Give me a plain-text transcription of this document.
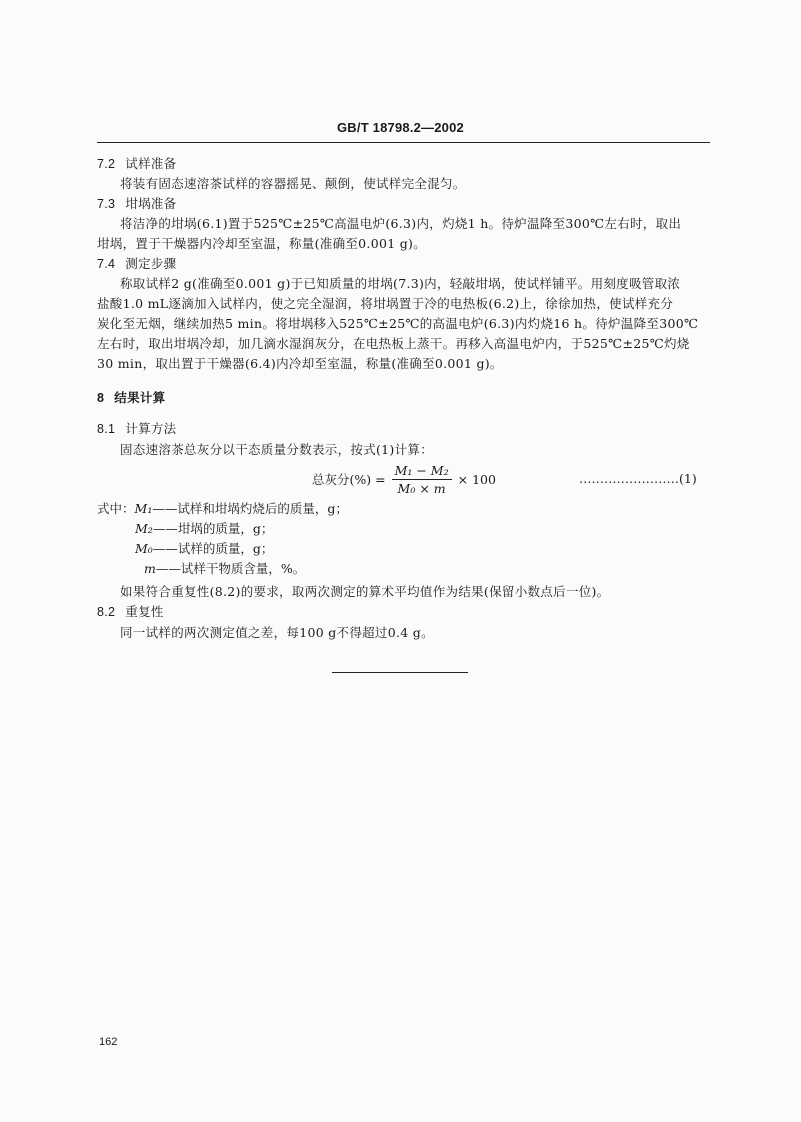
GB/T 18798.2—2002
7.2 试样准备
将装有固态速溶茶试样的容器摇晃、颠倒，使试样完全混匀。
7.3 坩埚准备
将洁净的坩埚(6.1)置于525℃±25℃高温电炉(6.3)内，灼烧1 h。待炉温降至300℃左右时，取出
坩埚，置于干燥器内冷却至室温，称量(准确至0.001 g)。
7.4 测定步骤
称取试样2 g(准确至0.001 g)于已知质量的坩埚(7.3)内，轻敲坩埚，使试样铺平。用刻度吸管取浓
盐酸1.0 mL逐滴加入试样内，使之完全湿润，将坩埚置于冷的电热板(6.2)上，徐徐加热，使试样充分
炭化至无烟，继续加热5 min。将坩埚移入525℃±25℃的高温电炉(6.3)内灼烧16 h。待炉温降至300℃
左右时，取出坩埚冷却，加几滴水湿润灰分，在电热板上蒸干。再移入高温电炉内，于525℃±25℃灼烧
30 min，取出置于干燥器(6.4)内冷却至室温，称量(准确至0.001 g)。
8 结果计算
8.1 计算方法
固态速溶茶总灰分以干态质量分数表示，按式(1)计算：
总灰分(%) = $\frac{\text{M₁ − M₂}}{\text{M₀ × m}} \times 100$	……………………(1)
式中：M₁——试样和坩埚灼烧后的质量，g；
M₂——坩埚的质量，g；
M₀——试样的质量，g；
m——试样干物质含量，%。
如果符合重复性(8.2)的要求，取两次测定的算术平均值作为结果(保留小数点后一位)。
8.2 重复性
同一试样的两次测定值之差，每100 g不得超过0.4 g。
162
